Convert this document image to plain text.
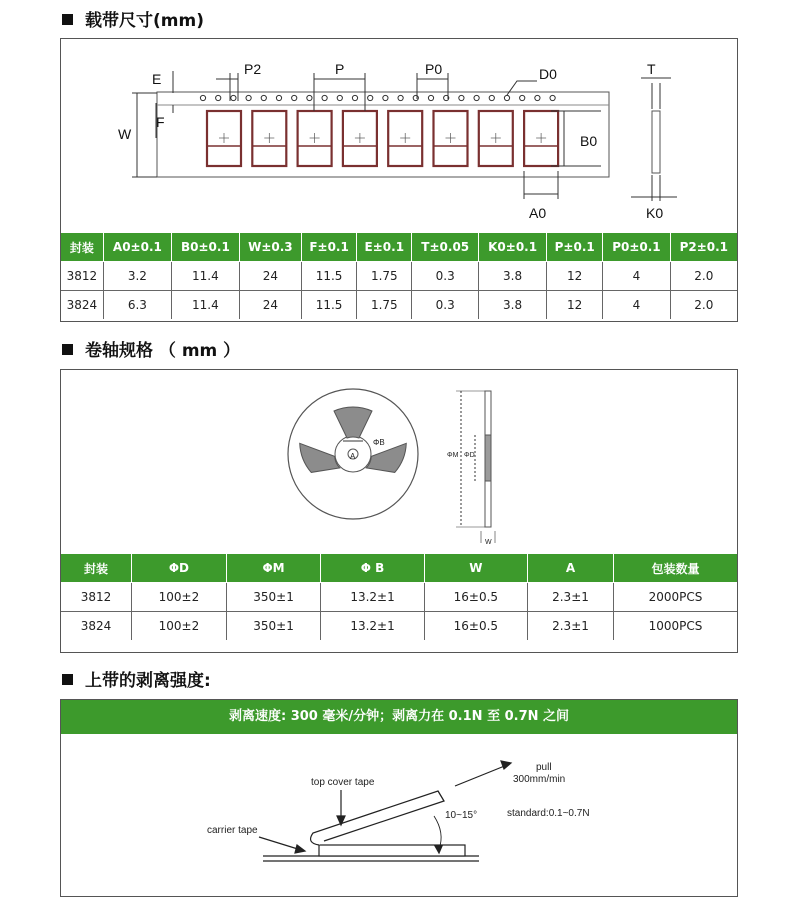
载带尺寸(mm)
E
F
W
P2	P	P0	D0
B0
A0
T
K0
封装	A0±0.1	B0±0.1	W±0.3	F±0.1	E±0.1	T±0.05	K0±0.1	P±0.1	P0±0.1	P2±0.1
3812	3.2	11.4	24	11.5	1.75	0.3	3.8	12	4	2.0
3824	6.3	11.4	24	11.5	1.75	0.3	3.8	12	4	2.0
卷轴规格 （ mm ）
ΦB
A	ΦM ΦD
W
封装	ΦD	ΦM	Φ B	W	A	包装数量
3812	100±2	350±1	13.2±1	16±0.5	2.3±1	2000PCS
3824	100±2	350±1	13.2±1	16±0.5	2.3±1	1000PCS
上带的剥离强度:
剥离速度: 300 毫米/分钟；剥离力在 0.1N 至 0.7N 之间
pull
300mm/min
top cover tape
carrier tape
10~15°	standard:0.1~0.7N
